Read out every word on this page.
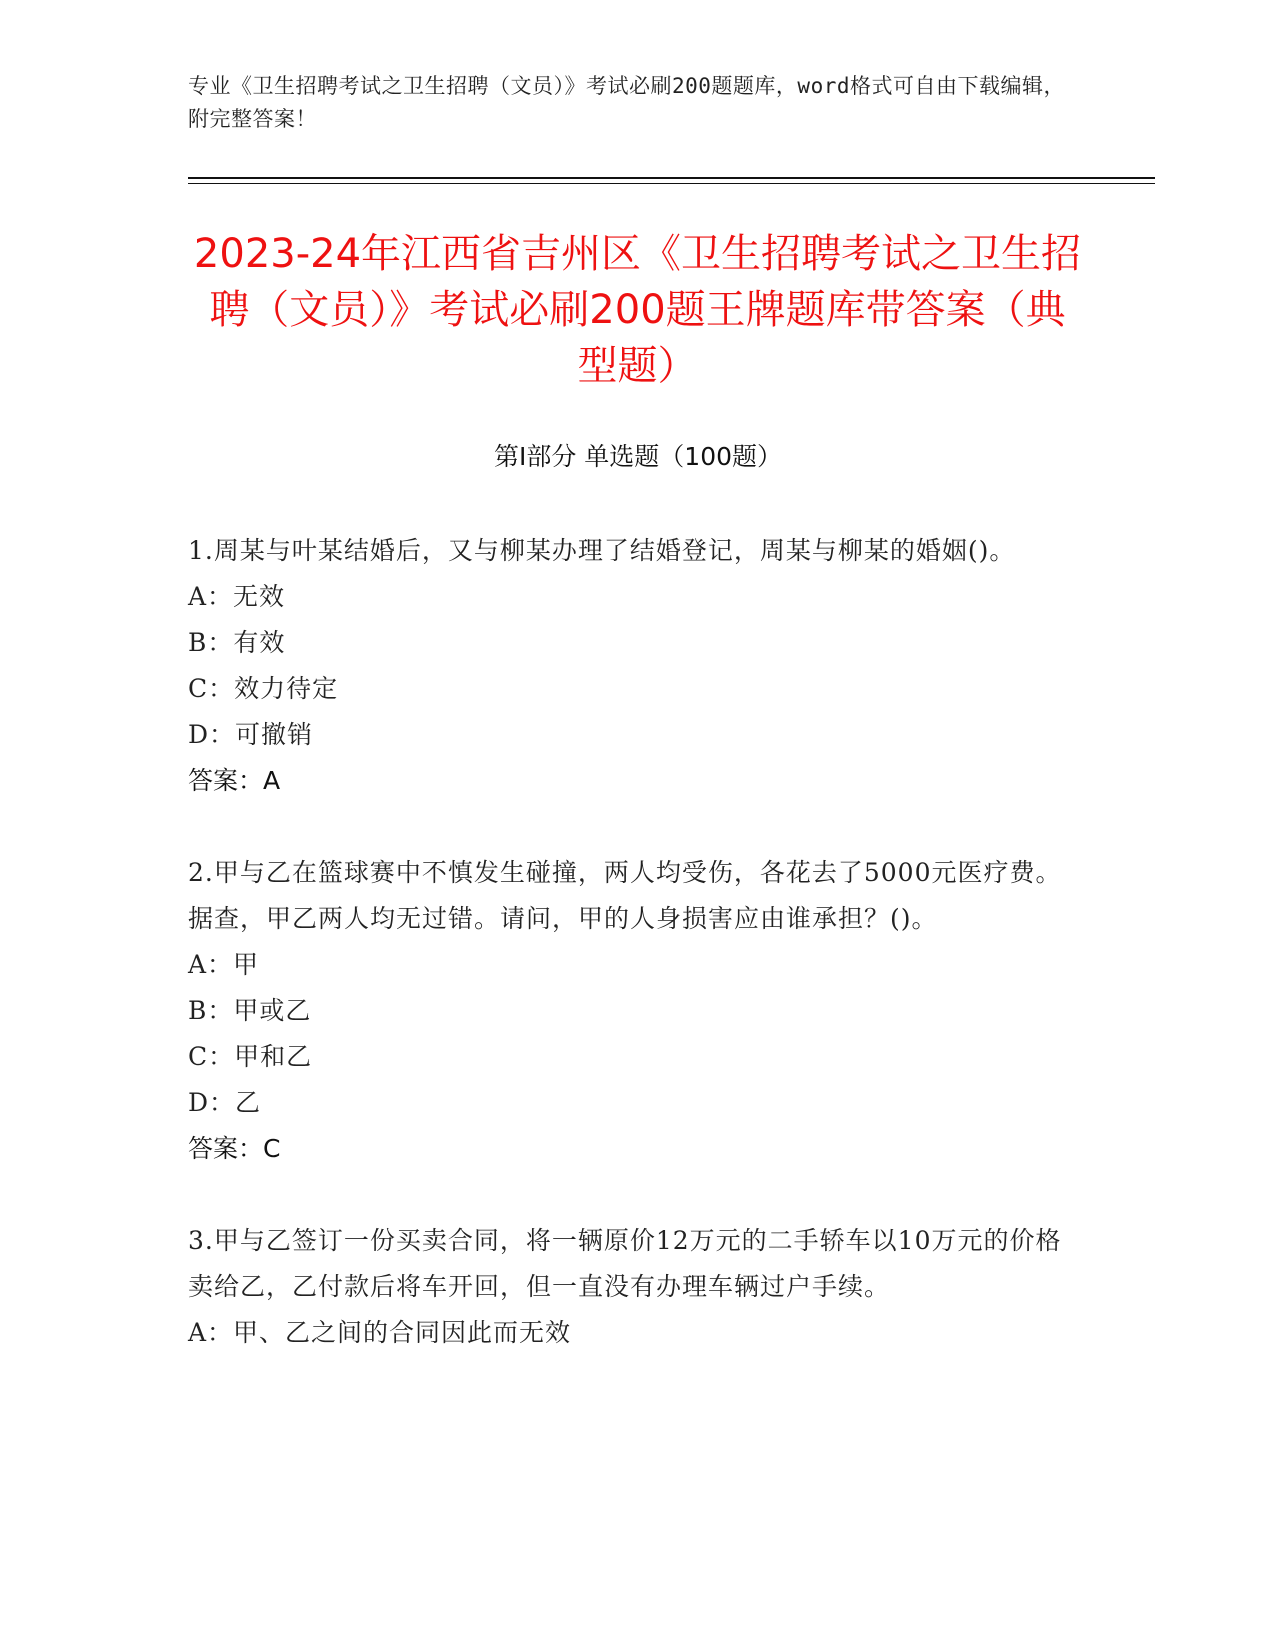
专业《卫生招聘考试之卫生招聘（文员）》考试必刷200题题库，word格式可自由下载编辑，附完整答案！
2023-24年江西省吉州区《卫生招聘考试之卫生招聘（文员）》考试必刷200题王牌题库带答案（典型题）
第Ⅰ部分 单选题（100题）
1.周某与叶某结婚后，又与柳某办理了结婚登记，周某与柳某的婚姻()。
A：无效
B：有效
C：效力待定
D：可撤销
答案：A
2.甲与乙在篮球赛中不慎发生碰撞，两人均受伤，各花去了5000元医疗费。据查，甲乙两人均无过错。请问，甲的人身损害应由谁承担？()。
A：甲
B：甲或乙
C：甲和乙
D：乙
答案：C
3.甲与乙签订一份买卖合同，将一辆原价12万元的二手轿车以10万元的价格卖给乙，乙付款后将车开回，但一直没有办理车辆过户手续。
A：甲、乙之间的合同因此而无效
